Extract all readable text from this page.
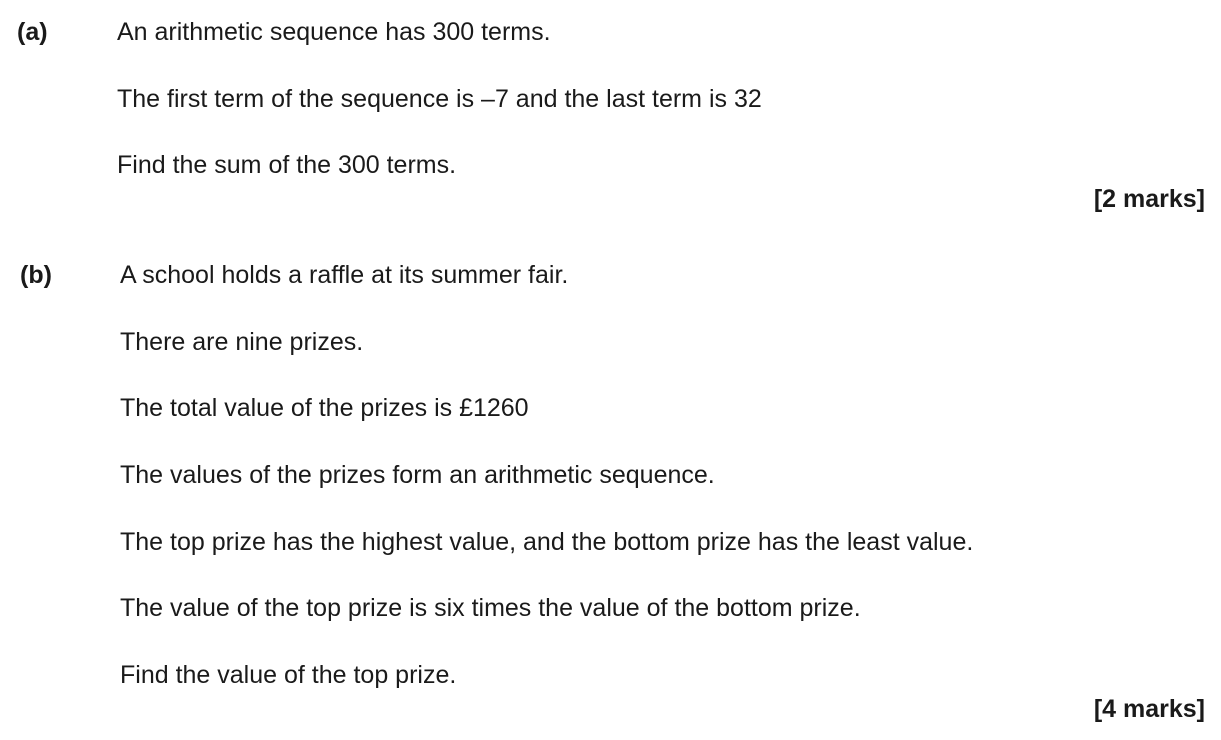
(a)	An arithmetic sequence has 300 terms.
The first term of the sequence is –7 and the last term is 32
Find the sum of the 300 terms.
[2 marks]
(b)	A school holds a raffle at its summer fair.
There are nine prizes.
The total value of the prizes is £1260
The values of the prizes form an arithmetic sequence.
The top prize has the highest value, and the bottom prize has the least value.
The value of the top prize is six times the value of the bottom prize.
Find the value of the top prize.
[4 marks]
